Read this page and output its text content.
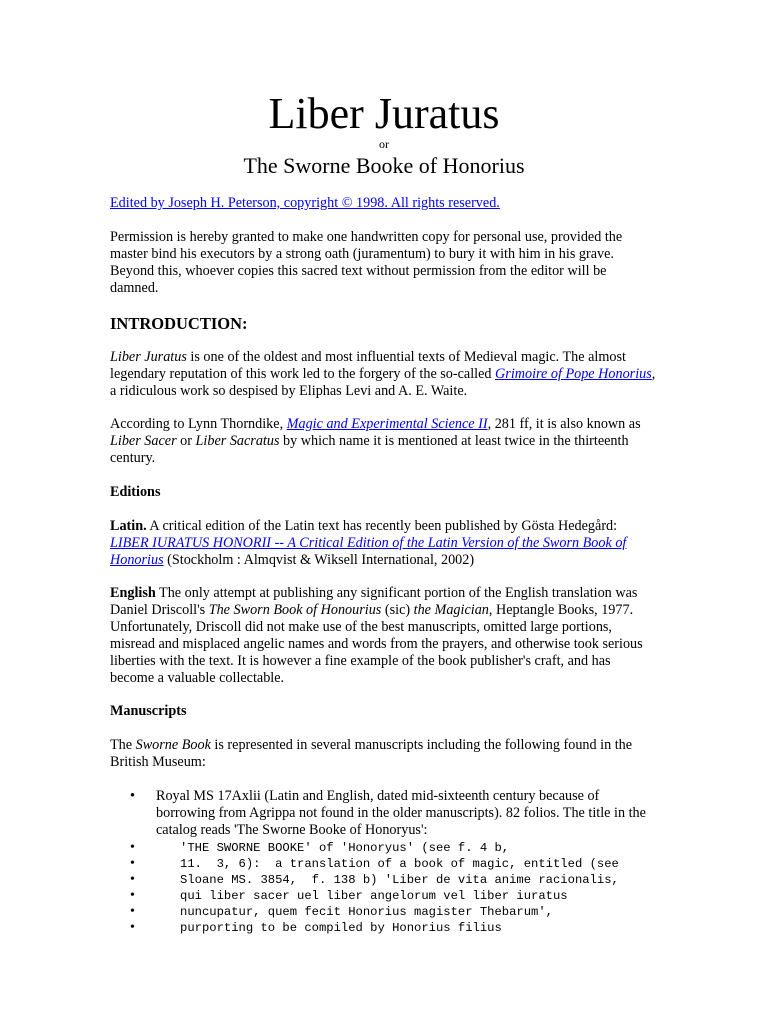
Liber Juratus
or
The Sworne Booke of Honorius
Edited by Joseph H. Peterson, copyright © 1998. All rights reserved.

Permission is hereby granted to make one handwritten copy for personal use, provided the master bind his executors by a strong oath (juramentum) to bury it with him in his grave. Beyond this, whoever copies this sacred text without permission from the editor will be damned.

INTRODUCTION:

Liber Juratus is one of the oldest and most influential texts of Medieval magic. The almost legendary reputation of this work led to the forgery of the so-called Grimoire of Pope Honorius, a ridiculous work so despised by Eliphas Levi and A. E. Waite.

According to Lynn Thorndike, Magic and Experimental Science II, 281 ff, it is also known as Liber Sacer or Liber Sacratus by which name it is mentioned at least twice in the thirteenth century.

Editions

Latin. A critical edition of the Latin text has recently been published by Gösta Hedegård: LIBER IURATUS HONORII -- A Critical Edition of the Latin Version of the Sworn Book of Honorius (Stockholm : Almqvist & Wiksell International, 2002)

English The only attempt at publishing any significant portion of the English translation was Daniel Driscoll's The Sworn Book of Honourius (sic) the Magician, Heptangle Books, 1977. Unfortunately, Driscoll did not make use of the best manuscripts, omitted large portions, misread and misplaced angelic names and words from the prayers, and otherwise took serious liberties with the text. It is however a fine example of the book publisher's craft, and has become a valuable collectable.

Manuscripts

The Sworne Book is represented in several manuscripts including the following found in the British Museum:

• Royal MS 17Axlii (Latin and English, dated mid-sixteenth century because of borrowing from Agrippa not found in the older manuscripts). 82 folios. The title in the catalog reads 'The Sworne Booke of Honoryus':
•	'THE SWORNE BOOKE' of 'Honoryus' (see f. 4 b,
•	11.  3, 6):  a translation of a book of magic, entitled (see
•	Sloane MS. 3854,  f. 138 b) 'Liber de vita anime racionalis,
•	qui liber sacer uel liber angelorum vel liber iuratus
•	nuncupatur, quem fecit Honorius magister Thebarum',
•	purporting to be compiled by Honorius filius
